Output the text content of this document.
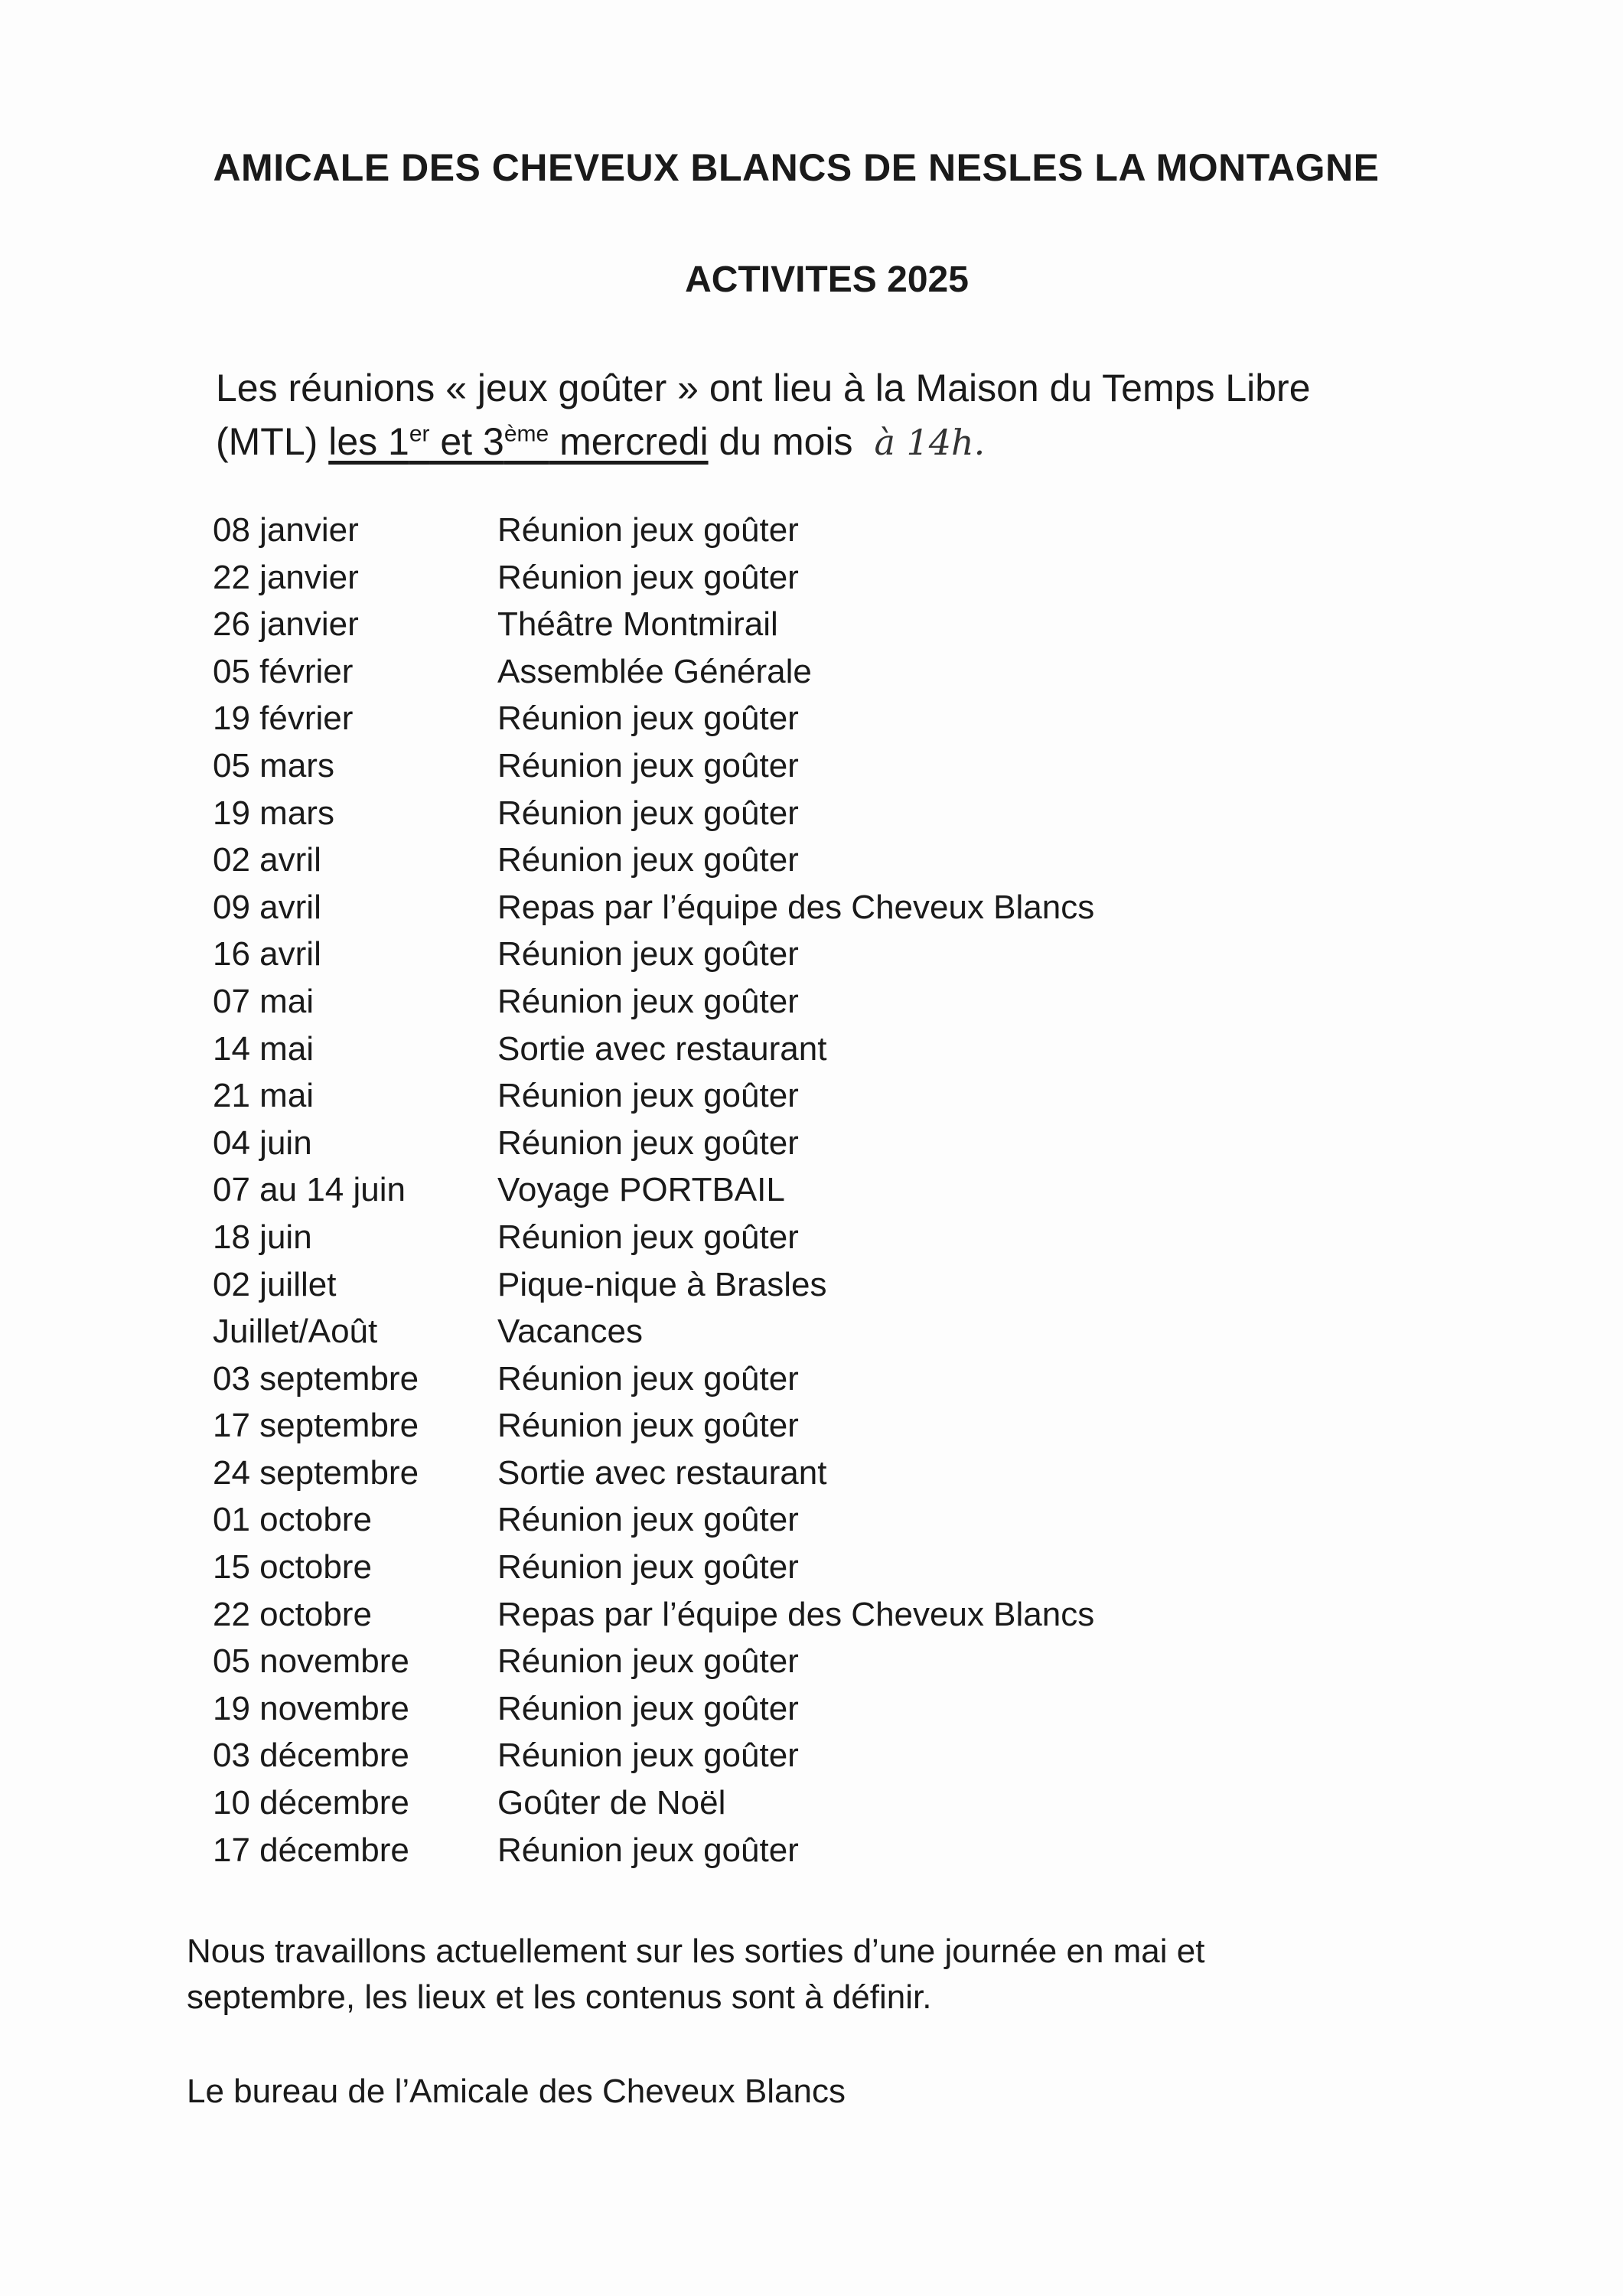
AMICALE DES CHEVEUX BLANCS DE NESLES LA MONTAGNE
ACTIVITES 2025
Les réunions « jeux goûter » ont lieu à la Maison du Temps Libre
(MTL) les 1er et 3ème mercredi du mois à 14h.
08 janvier	Réunion jeux goûter
22 janvier	Réunion jeux goûter
26 janvier	Théâtre Montmirail
05 février	Assemblée Générale
19 février	Réunion jeux goûter
05 mars	Réunion jeux goûter
19 mars	Réunion jeux goûter
02 avril	Réunion jeux goûter
09 avril	Repas par l’équipe des Cheveux Blancs
16 avril	Réunion jeux goûter
07 mai	Réunion jeux goûter
14 mai	Sortie avec restaurant
21 mai	Réunion jeux goûter
04 juin	Réunion jeux goûter
07 au 14 juin	Voyage PORTBAIL
18 juin	Réunion jeux goûter
02 juillet	Pique-nique à Brasles
Juillet/Août	Vacances
03 septembre Réunion jeux goûter
17 septembre Réunion jeux goûter
24 septembre Sortie avec restaurant
01 octobre	Réunion jeux goûter
15 octobre	Réunion jeux goûter
22 octobre	Repas par l’équipe des Cheveux Blancs
05 novembre	Réunion jeux goûter
19 novembre	Réunion jeux goûter
03 décembre	Réunion jeux goûter
10 décembre	Goûter de Noël
17 décembre	Réunion jeux goûter
Nous travaillons actuellement sur les sorties d’une journée en mai et
septembre, les lieux et les contenus sont à définir.
Le bureau de l’Amicale des Cheveux Blancs
